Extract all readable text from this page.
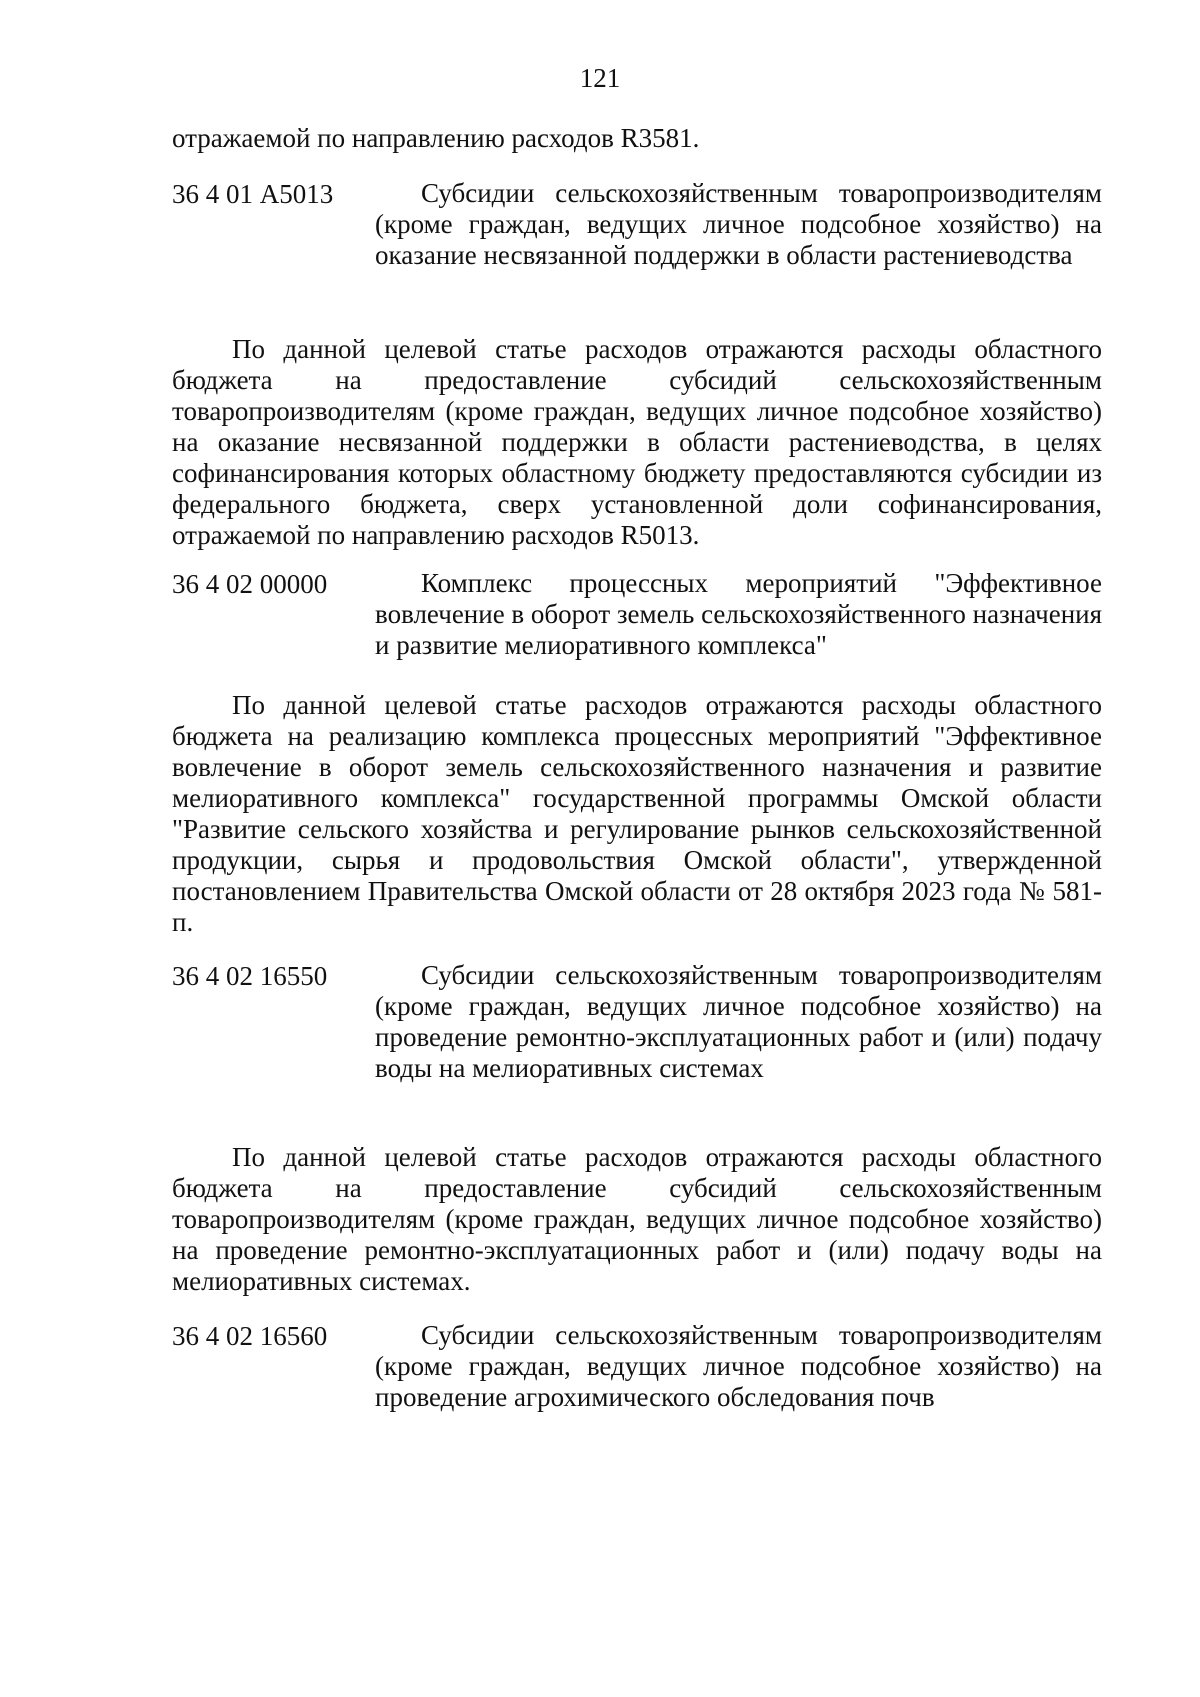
121
отражаемой по направлению расходов R3581.
36 4 01 А5013	Субсидии сельскохозяйственным товаропроизводителям (кроме граждан, ведущих личное подсобное хозяйство) на оказание несвязанной поддержки в области растениеводства
По данной целевой статье расходов отражаются расходы областного бюджета на предоставление субсидий сельскохозяйственным товаропроизводителям (кроме граждан, ведущих личное подсобное хозяйство) на оказание несвязанной поддержки в области растениеводства, в целях софинансирования которых областному бюджету предоставляются субсидии из федерального бюджета, сверх установленной доли софинансирования, отражаемой по направлению расходов R5013.
36 4 02 00000	Комплекс процессных мероприятий "Эффективное вовлечение в оборот земель сельскохозяйственного назначения и развитие мелиоративного комплекса"
По данной целевой статье расходов отражаются расходы областного бюджета на реализацию комплекса процессных мероприятий "Эффективное вовлечение в оборот земель сельскохозяйственного назначения и развитие мелиоративного комплекса" государственной программы Омской области "Развитие сельского хозяйства и регулирование рынков сельскохозяйственной продукции, сырья и продовольствия Омской области", утвержденной постановлением Правительства Омской области от 28 октября 2023 года № 581-п.
36 4 02 16550	Субсидии сельскохозяйственным товаропроизводителям (кроме граждан, ведущих личное подсобное хозяйство) на проведение ремонтно-эксплуатационных работ и (или) подачу воды на мелиоративных системах
По данной целевой статье расходов отражаются расходы областного бюджета на предоставление субсидий сельскохозяйственным товаропроизводителям (кроме граждан, ведущих личное подсобное хозяйство) на проведение ремонтно-эксплуатационных работ и (или) подачу воды на мелиоративных системах.
36 4 02 16560	Субсидии сельскохозяйственным товаропроизводителям (кроме граждан, ведущих личное подсобное хозяйство) на проведение агрохимического обследования почв
